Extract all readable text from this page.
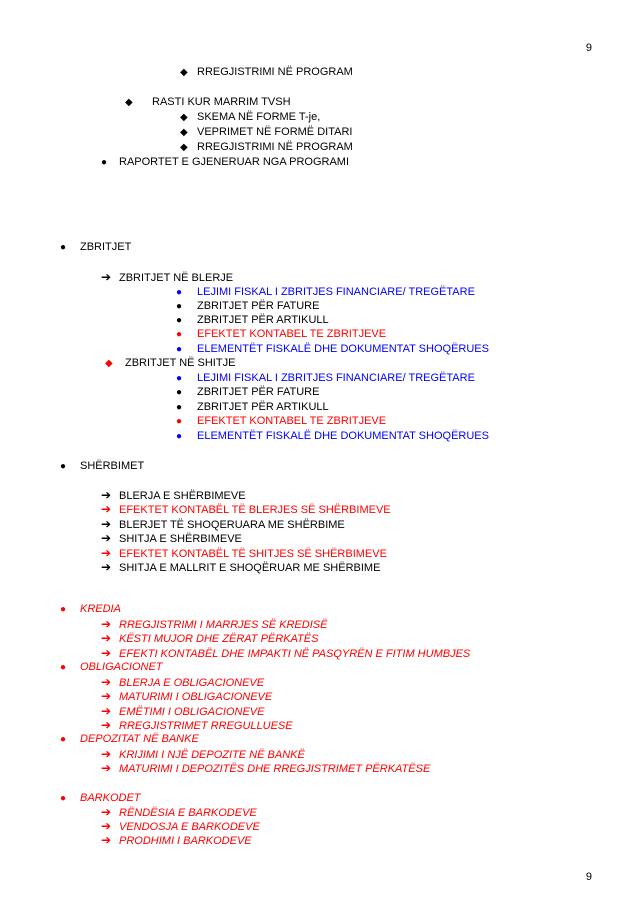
9
◆ RREGJISTRIMI NË PROGRAM
◆ RASTI KUR MARRIM TVSH
◆ SKEMA NË FORME T-je,
◆ VEPRIMET NË FORMË DITARI
◆ RREGJISTRIMI NË PROGRAM
● RAPORTET E GJENERUAR NGA PROGRAMI
● ZBRITJET
➔ ZBRITJET NË BLERJE
● LEJIMI FISKAL I ZBRITJES FINANCIARE/ TREGËTARE
● ZBRITJET PËR FATURE
● ZBRITJET PËR ARTIKULL
● EFEKTET KONTABEL TE ZBRITJEVE
● ELEMENTËT FISKALË DHE DOKUMENTAT SHOQËRUES
◆ ZBRITJET NË SHITJE
● LEJIMI FISKAL I ZBRITJES FINANCIARE/ TREGËTARE
● ZBRITJET PËR FATURE
● ZBRITJET PËR ARTIKULL
● EFEKTET KONTABEL TE ZBRITJEVE
● ELEMENTËT FISKALË DHE DOKUMENTAT SHOQËRUES
● SHËRBIMET
➔ BLERJA E SHËRBIMEVE
➔ EFEKTET KONTABËL TË BLERJES SË SHËRBIMEVE
➔ BLERJET TË SHOQERUARA ME SHËRBIME
➔ SHITJA E SHËRBIMEVE
➔ EFEKTET KONTABËL TË SHITJES SË SHËRBIMEVE
➔ SHITJA E MALLRIT E SHOQËRUAR ME SHËRBIME
● KREDIA
➔ RREGJISTRIMI I MARRJES SË KREDISË
➔ KËSTI MUJOR DHE ZËRAT PËRKATËS
➔ EFEKTI KONTABËL DHE IMPAKTI NË PASQYRËN E FITIM HUMBJES
● OBLIGACIONET
➔ BLERJA E OBLIGACIONEVE
➔ MATURIMI I OBLIGACIONEVE
➔ EMËTIMI I OBLIGACIONEVE
➔ RREGJISTRIMET RREGULLUESE
● DEPOZITAT NË BANKE
➔ KRIJIMI I NJË DEPOZITE NË BANKË
➔ MATURIMI I DEPOZITËS DHE RREGJISTRIMET PËRKATËSE
● BARKODET
➔ RËNDËSIA E BARKODEVE
➔ VENDOSJA E BARKODEVE
➔ PRODHIMI I BARKODEVE
9
